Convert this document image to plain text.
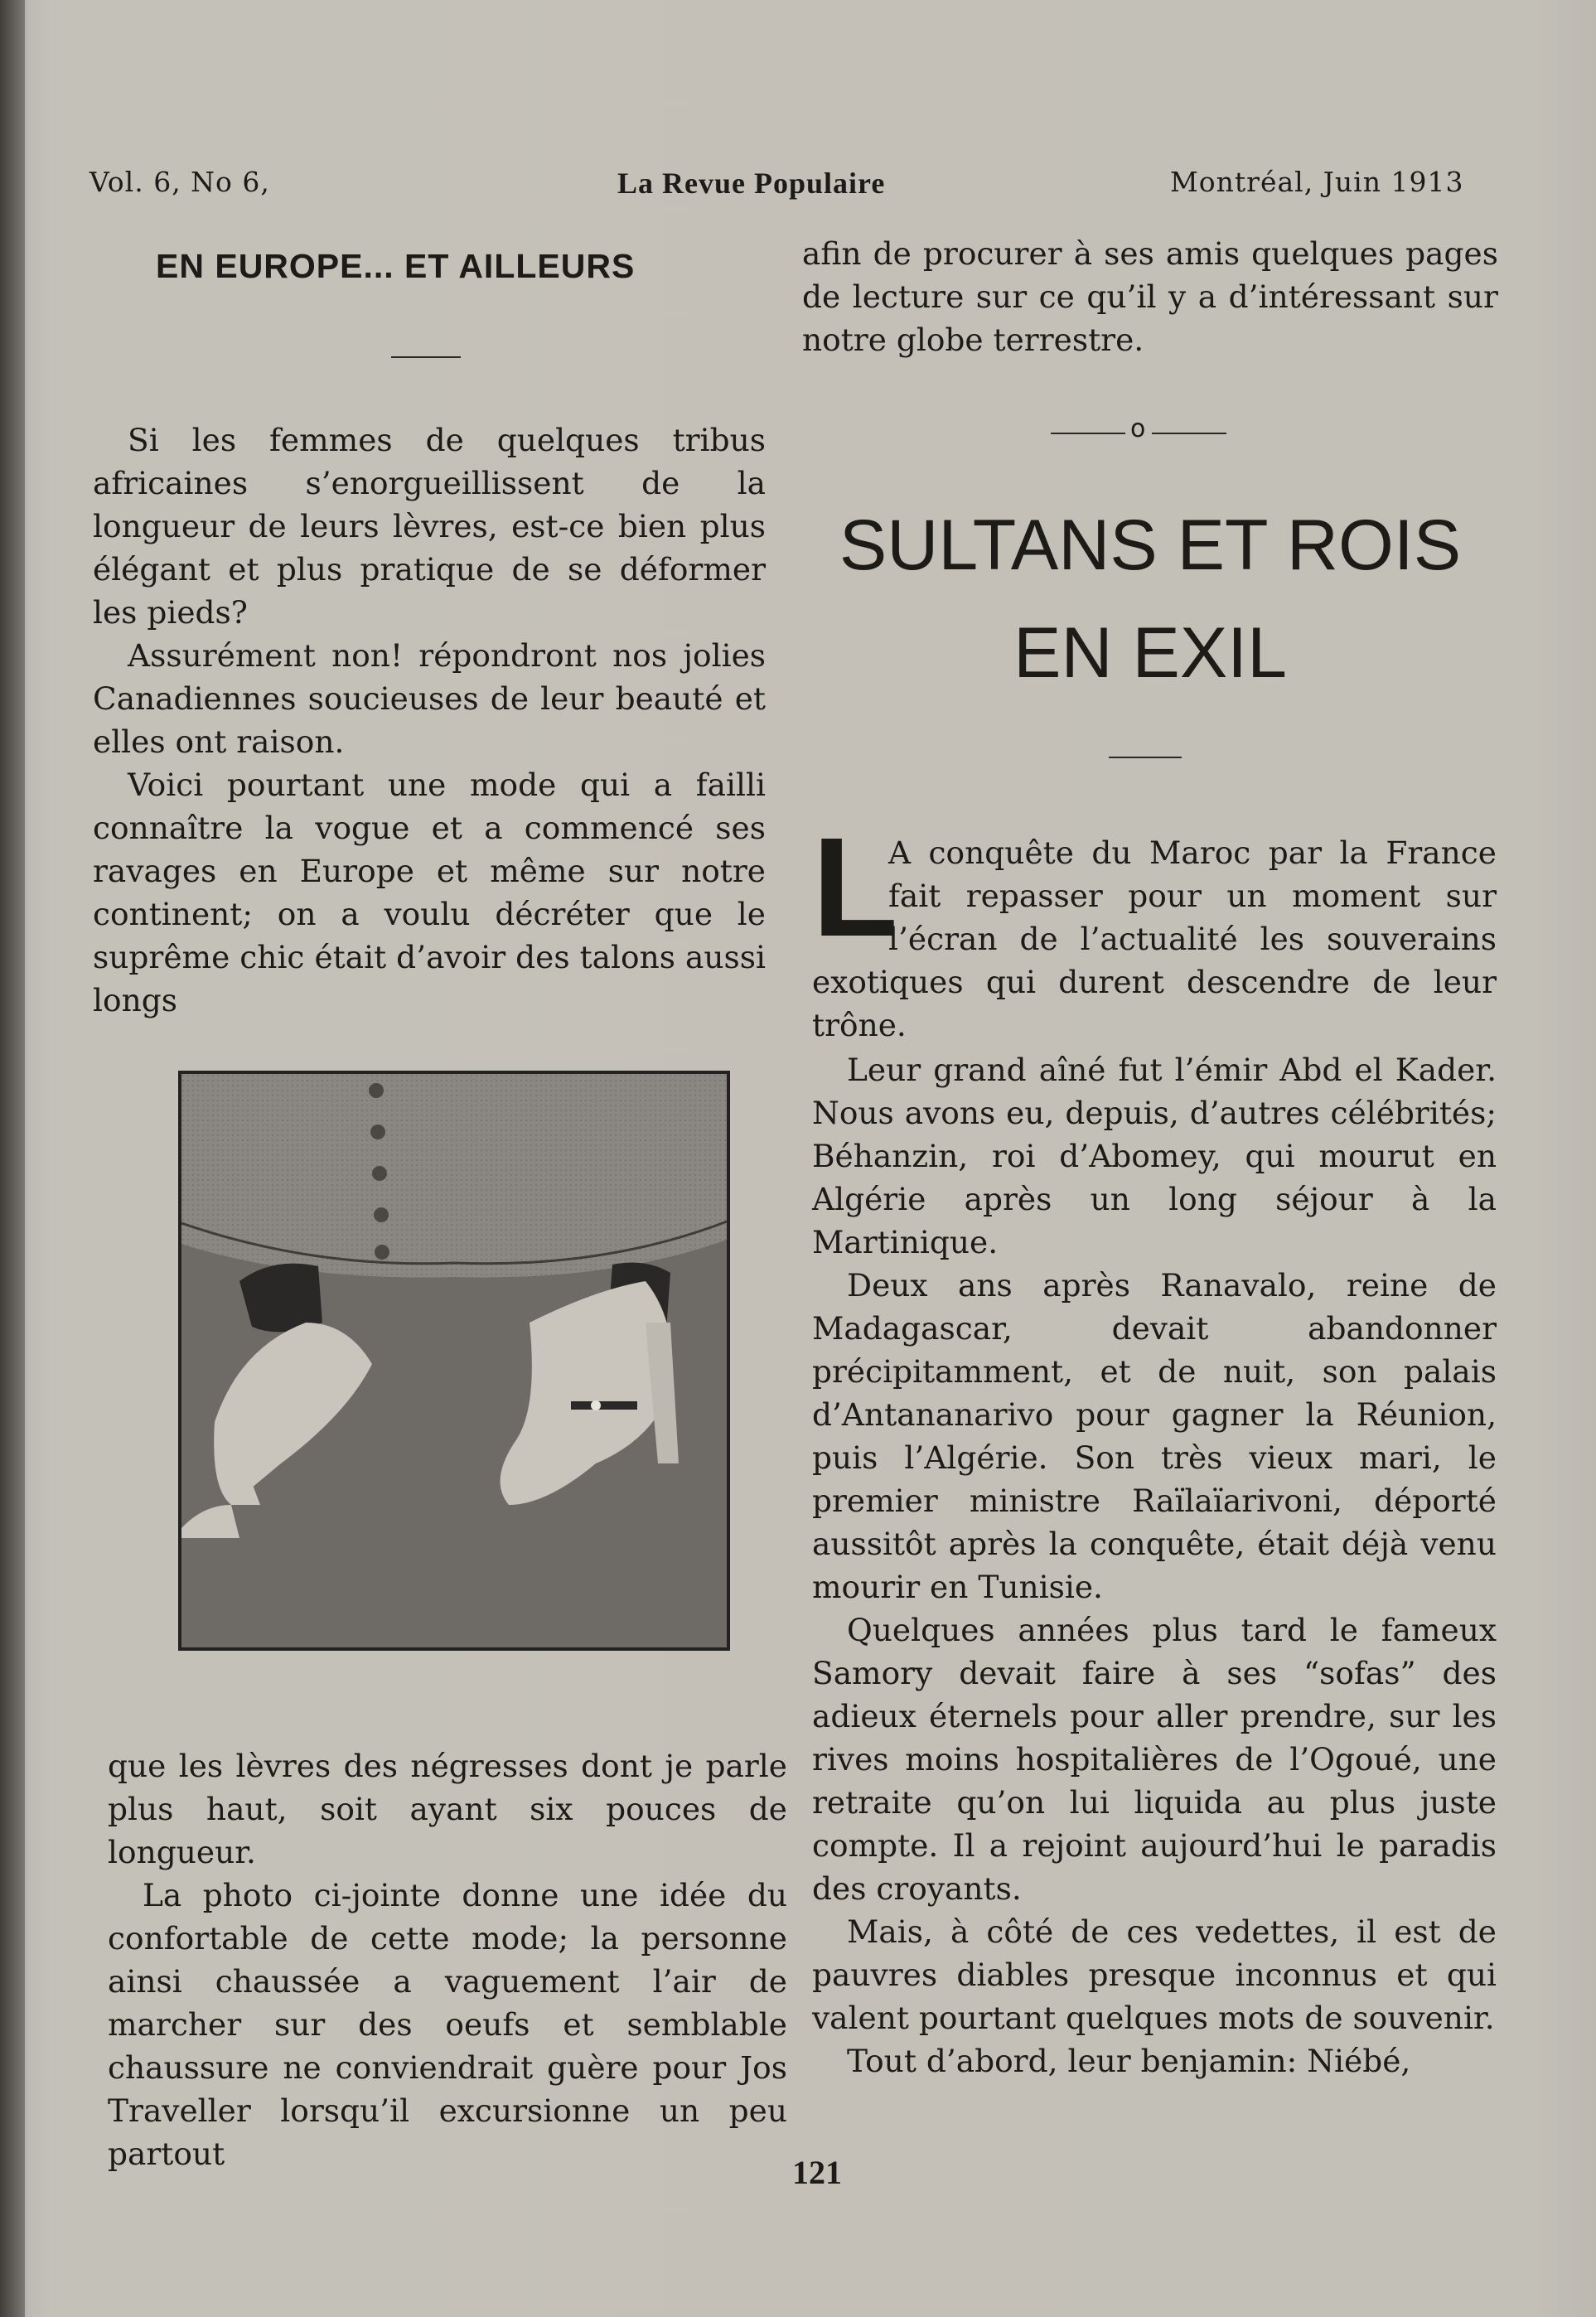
Vol. 6, No 6,	La Revue Populaire	Montréal, Juin 1913
EN EUROPE... ET AILLEURS

Si les femmes de quelques tribus africaines s’enorgueillissent de la longueur de leurs lèvres, est-ce bien plus élégant et plus pratique de se déformer les pieds?

Assurément non! répondront nos jolies Canadiennes soucieuses de leur beauté et elles ont raison.

Voici pourtant une mode qui a failli connaître la vogue et a commencé ses ravages en Europe et même sur notre continent; on a voulu décréter que le suprême chic était d’avoir des talons aussi longs

que les lèvres des négresses dont je parle plus haut, soit ayant six pouces de longueur.

La photo ci-jointe donne une idée du confortable de cette mode; la personne ainsi chaussée a vaguement l’air de marcher sur des oeufs et semblable chaussure ne conviendrait guère pour Jos Traveller lorsqu’il excursionne un peu partout

afin de procurer à ses amis quelques pages de lecture sur ce qu’il y a d’intéressant sur notre globe terrestre.

o
SULTANS ET ROIS
EN EXIL
L

A conquête du Maroc par la France fait repasser pour un moment sur l’écran de l’actualité les souverains exotiques qui durent descendre de leur trône.

Leur grand aîné fut l’émir Abd el Kader. Nous avons eu, depuis, d’autres célébrités; Béhanzin, roi d’Abomey, qui mourut en Algérie après un long séjour à la Martinique.

Deux ans après Ranavalo, reine de Madagascar, devait abandonner précipitamment, et de nuit, son palais d’Antananarivo pour gagner la Réunion, puis l’Algérie. Son très vieux mari, le premier ministre Raïlaïarivoni, déporté aussitôt après la conquête, était déjà venu mourir en Tunisie.

Quelques années plus tard le fameux Samory devait faire à ses “sofas” des adieux éternels pour aller prendre, sur les rives moins hospitalières de l’Ogoué, une retraite qu’on lui liquida au plus juste compte. Il a rejoint aujourd’hui le paradis des croyants.

Mais, à côté de ces vedettes, il est de pauvres diables presque inconnus et qui valent pourtant quelques mots de souvenir.

Tout d’abord, leur benjamin: Niébé,

121
